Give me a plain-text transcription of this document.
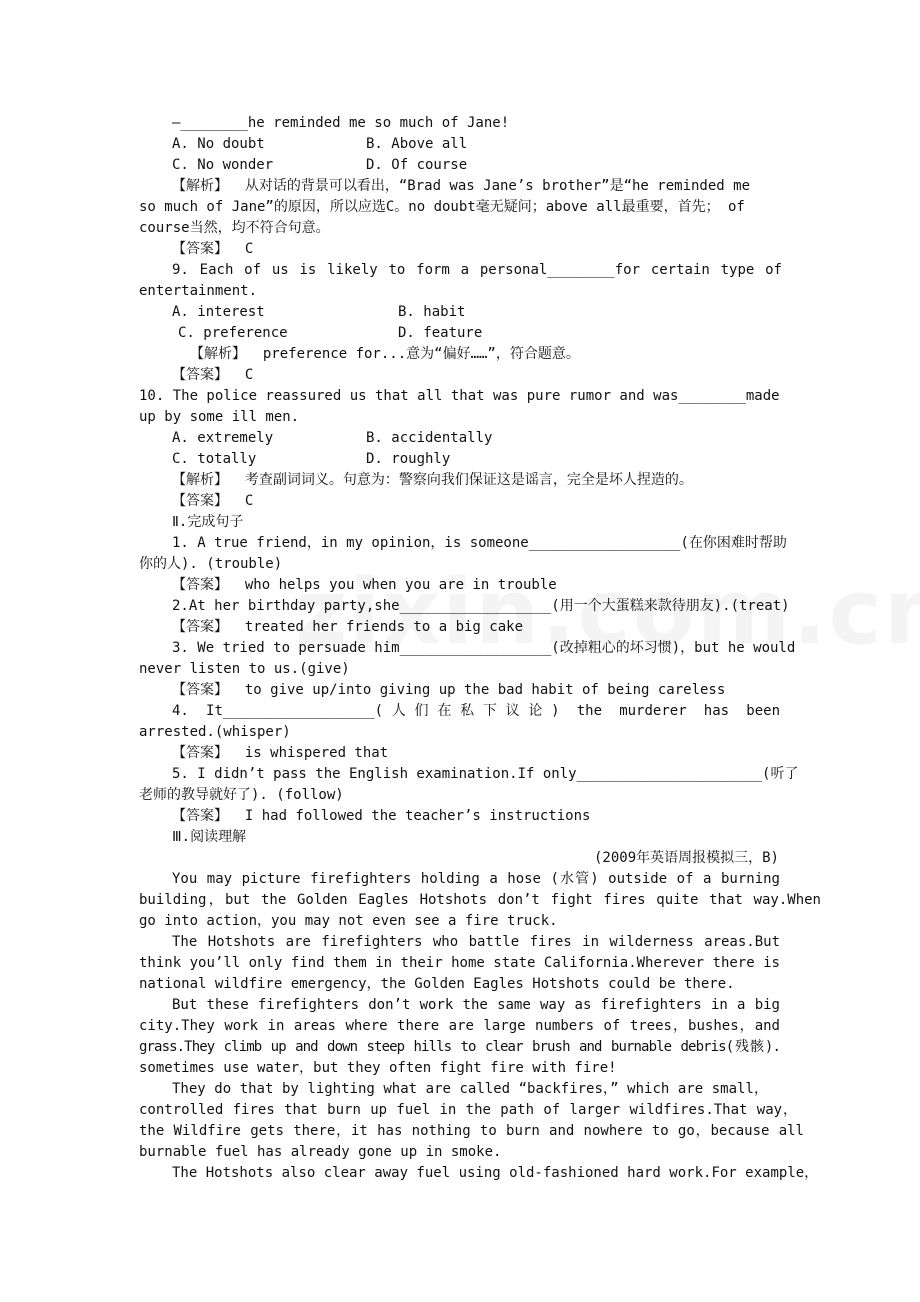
—________he reminded me so much of Jane!
A. No doubt	B. Above all
C. No wonder	D. Of course
【解析】  从对话的背景可以看出，“Brad was Jane’s brother”是“he reminded me
so much of Jane”的原因，所以应选C。no doubt毫无疑问；above all最重要，首先； of
course当然，均不符合句意。
【答案】  C
9. Each of us is likely to form a personal________for certain type of
entertainment.
A. interest	B. habit
C. preference	D. feature
【解析】  preference for...意为“偏好……”，符合题意。
【答案】  C
10. The police reassured us that all that was pure rumor and was________made
up by some ill men.
A. extremely	B. accidentally
C. totally	D. roughly
【解析】  考查副词词义。句意为：警察向我们保证这是谣言，完全是坏人捏造的。
【答案】  C
Ⅱ.完成句子
1. A true friend，in my opinion，is someone__________________(在你困难时帮助
你的人). (trouble)
【答案】  who helps you when you are in trouble
2.At her birthday party,she__________________(用一个大蛋糕来款待朋友).(treat)
【答案】  treated her friends to a big cake
3. We tried to persuade him__________________(改掉粗心的坏习惯)，but he would
never listen to us.(give)
【答案】  to give up/into giving up the bad habit of being careless
4. It__________________(人们在私下议论) the murderer has been
arrested.(whisper)
【答案】  is whispered that
5. I didn’t pass the English examination.If only______________________(听了
老师的教导就好了). (follow)
【答案】  I had followed the teacher’s instructions
Ⅲ.阅读理解
(2009年英语周报模拟三，B)
You may picture firefighters holding a hose (水管) outside of a burning
building，but the Golden Eagles Hotshots don’t fight fires quite that way.When
go into action，you may not even see a fire truck.
The Hotshots are firefighters who battle fires in wilderness areas.But
think you’ll only find them in their home state California.Wherever there is
national wildfire emergency，the Golden Eagles Hotshots could be there.
But these firefighters don’t work the same way as firefighters in a big
city.They work in areas where there are large numbers of trees，bushes，and
grass.They climb up and down steep hills to clear brush and burnable debris(残骸).
sometimes use water，but they often fight fire with fire!
They do that by lighting what are called “backfires，” which are small，
controlled fires that burn up fuel in the path of larger wildfires.That way，
the Wildfire gets there，it has nothing to burn and nowhere to go，because all
burnable fuel has already gone up in smoke.
The Hotshots also clear away fuel using old-fashioned hard work.For example，
